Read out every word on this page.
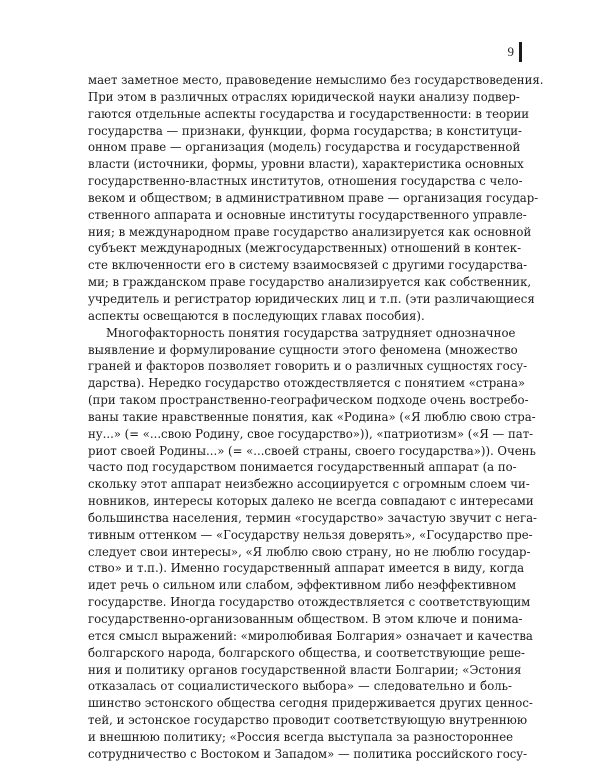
9
мает заметное место, правоведение немыслимо без государствоведения.
При этом в различных отраслях юридической науки анализу подвер-
гаются отдельные аспекты государства и государственности: в теории
государства — признаки, функции, форма государства; в конституци-
онном праве — организация (модель) государства и государственной
власти (источники, формы, уровни власти), характеристика основных
государственно-властных институтов, отношения государства с чело-
веком и обществом; в административном праве — организация государ-
ственного аппарата и основные институты государственного управле-
ния; в международном праве государство анализируется как основной
субъект международных (межгосударственных) отношений в контек-
сте включенности его в систему взаимосвязей с другими государства-
ми; в гражданском праве государство анализируется как собственник,
учредитель и регистратор юридических лиц и т.п. (эти различающиеся
аспекты освещаются в последующих главах пособия).
Многофакторность понятия государства затрудняет однозначное
выявление и формулирование сущности этого феномена (множество
граней и факторов позволяет говорить и о различных сущностях госу-
дарства). Нередко государство отождествляется с понятием «страна»
(при таком пространственно-географическом подходе очень востребо-
ваны такие нравственные понятия, как «Родина» («Я люблю свою стра-
ну...» (= «...свою Родину, свое государство»)), «патриотизм» («Я — пат-
риот своей Родины...» (= «...своей страны, своего государства»)). Очень
часто под государством понимается государственный аппарат (а по-
скольку этот аппарат неизбежно ассоциируется с огромным слоем чи-
новников, интересы которых далеко не всегда совпадают с интересами
большинства населения, термин «государство» зачастую звучит с нега-
тивным оттенком — «Государству нельзя доверять», «Государство пре-
следует свои интересы», «Я люблю свою страну, но не люблю государ-
ство» и т.п.). Именно государственный аппарат имеется в виду, когда
идет речь о сильном или слабом, эффективном либо неэффективном
государстве. Иногда государство отождествляется с соответствующим
государственно-организованным обществом. В этом ключе и понима-
ется смысл выражений: «миролюбивая Болгария» означает и качества
болгарского народа, болгарского общества, и соответствующие реше-
ния и политику органов государственной власти Болгарии; «Эстония
отказалась от социалистического выбора» — следовательно и боль-
шинство эстонского общества сегодня придерживается других ценнос-
тей, и эстонское государство проводит соответствующую внутреннюю
и внешнюю политику; «Россия всегда выступала за разностороннее
сотрудничество с Востоком и Западом» — политика российского госу-
